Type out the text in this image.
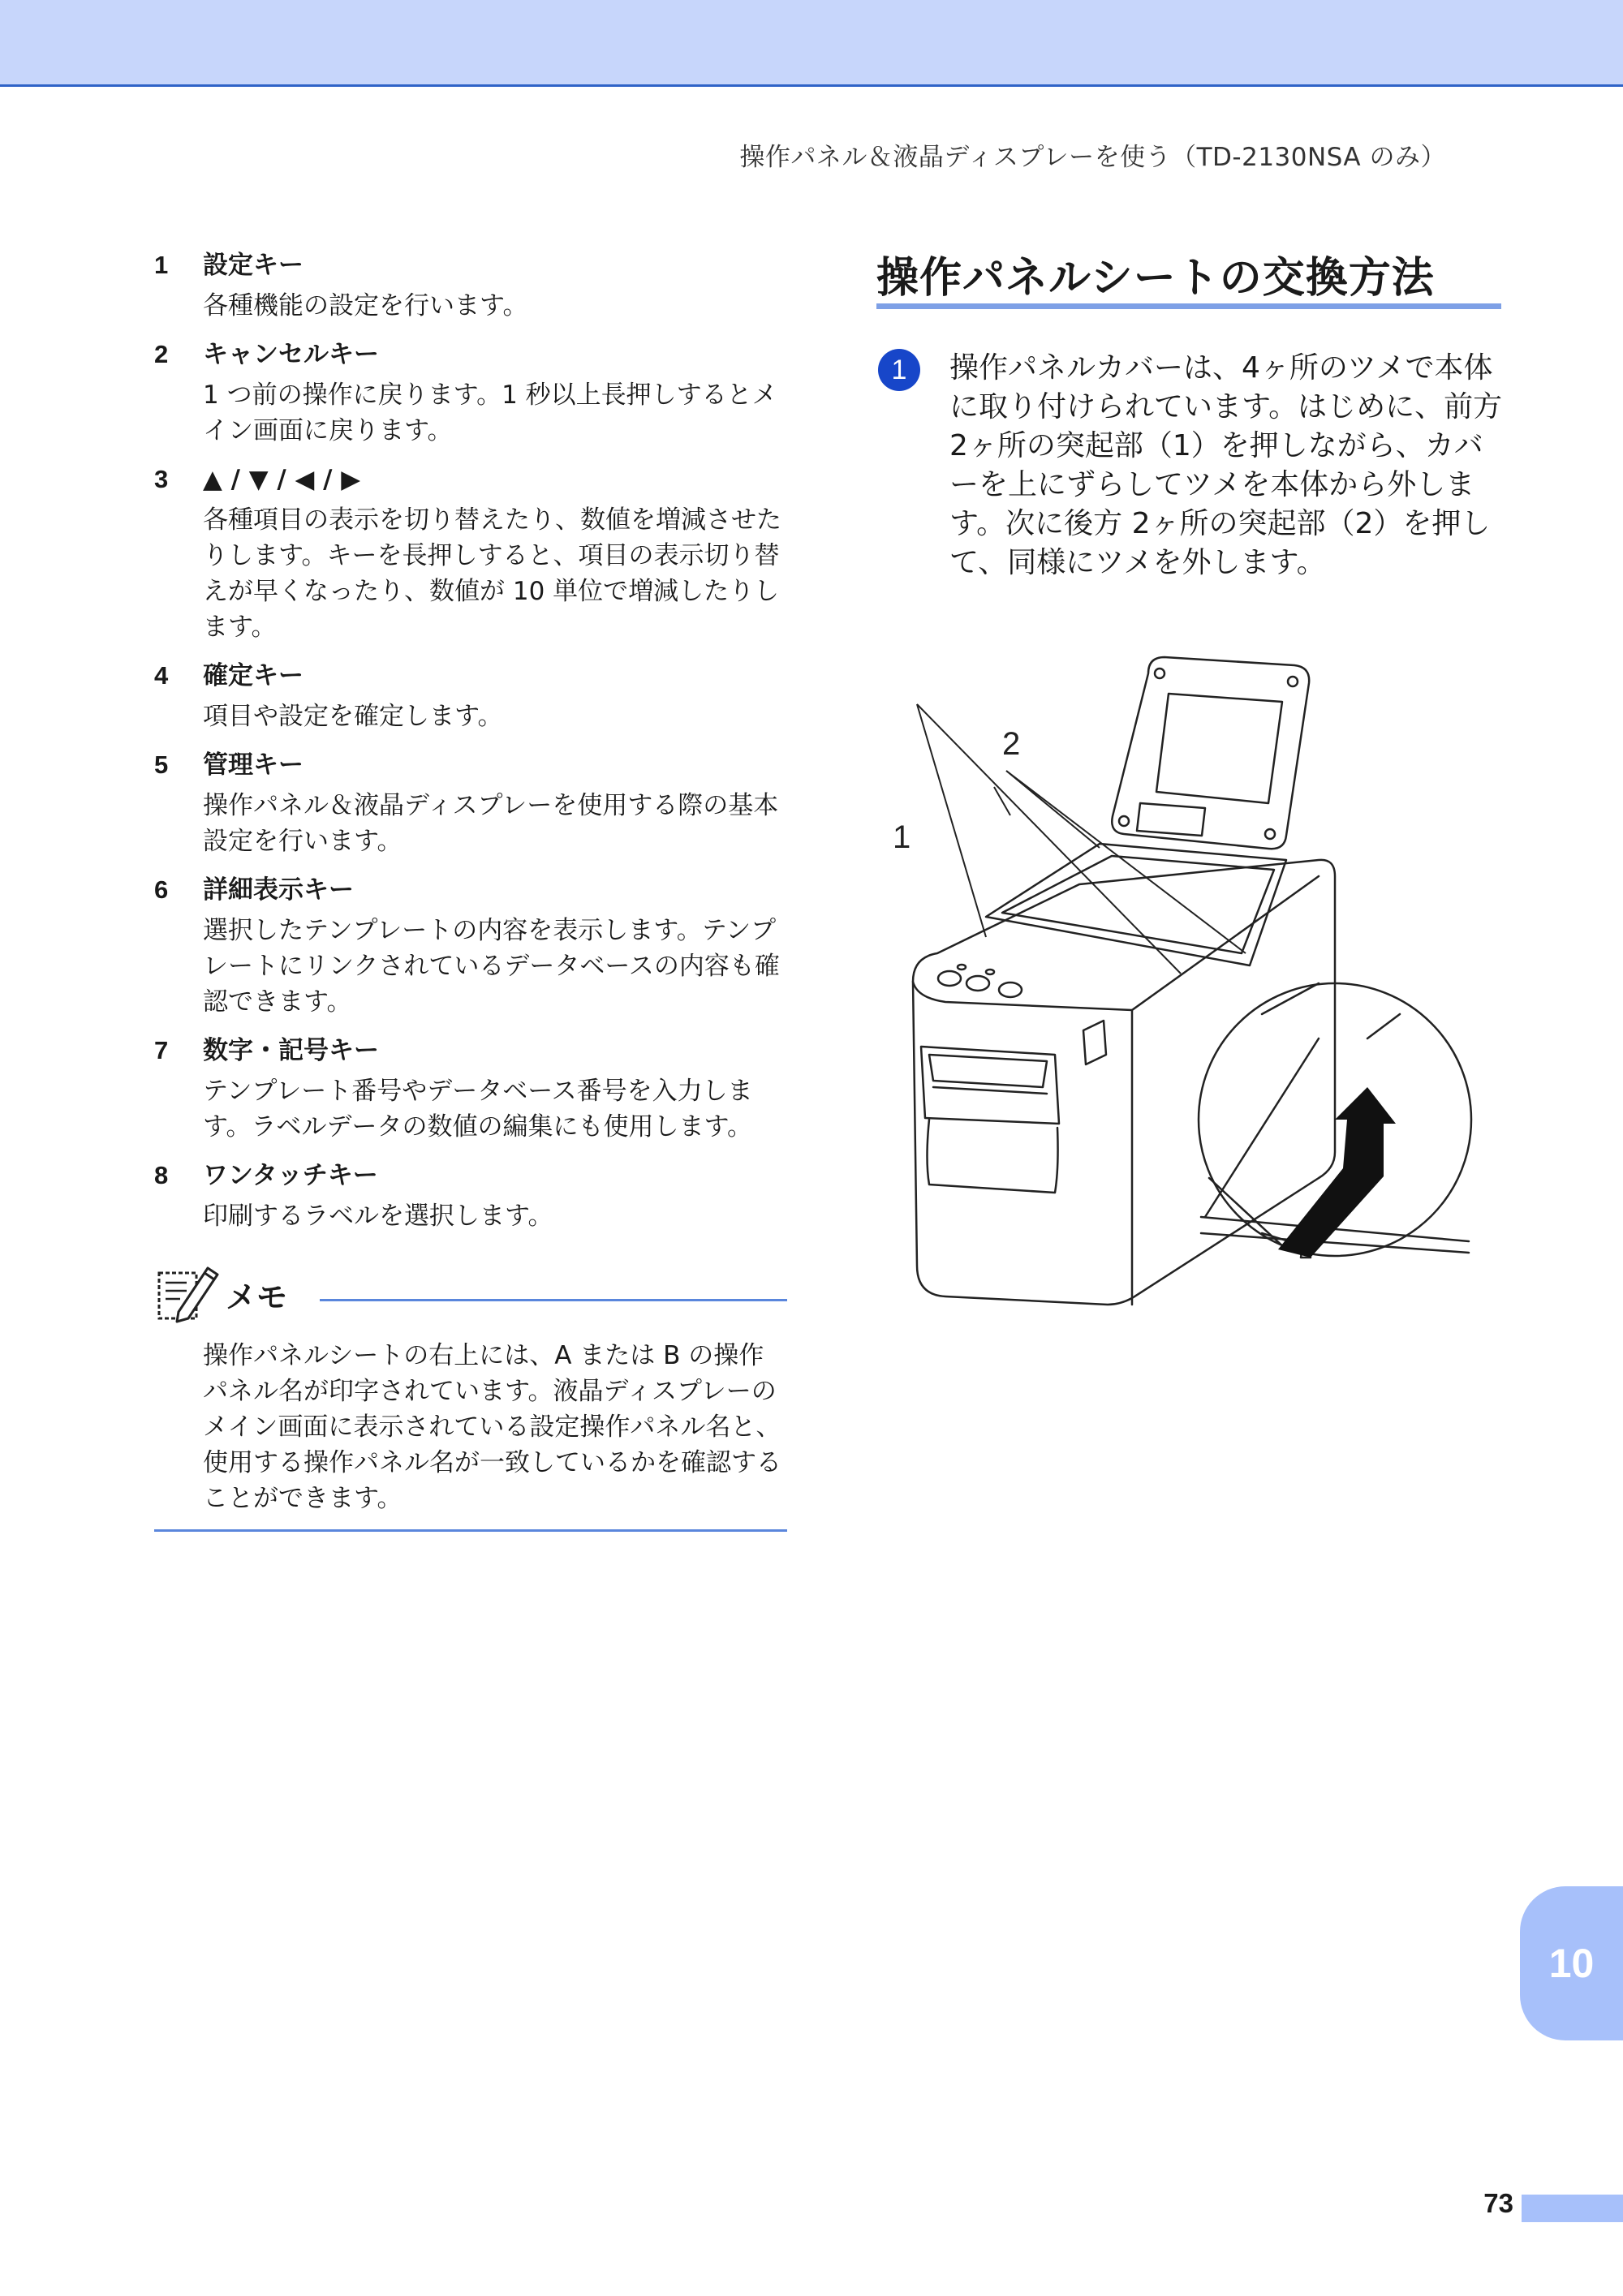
操作パネル＆液晶ディスプレーを使う（TD-2130NSA のみ）
1	設定キー
各種機能の設定を行います。
2	キャンセルキー
1 つ前の操作に戻ります。1 秒以上長押しするとメイン画面に戻ります。
3	▲ / ▼ / ◀ / ▶
各種項目の表示を切り替えたり、数値を増減させたりします。キーを長押しすると、項目の表示切り替えが早くなったり、数値が 10 単位で増減したりします。
4	確定キー
項目や設定を確定します。
5	管理キー
操作パネル＆液晶ディスプレーを使用する際の基本設定を行います。
6	詳細表示キー
選択したテンプレートの内容を表示します。テンプレートにリンクされているデータベースの内容も確認できます。
7	数字・記号キー
テンプレート番号やデータベース番号を入力します。ラベルデータの数値の編集にも使用します。
8	ワンタッチキー
印刷するラベルを選択します。
メモ
操作パネルシートの右上には、A または B の操作パネル名が印字されています。液晶ディスプレーのメイン画面に表示されている設定操作パネル名と、使用する操作パネル名が一致しているかを確認することができます。
操作パネルシートの交換方法
1	操作パネルカバーは、4ヶ所のツメで本体に取り付けられています。はじめに、前方 2ヶ所の突起部（1）を押しながら、カバーを上にずらしてツメを本体から外します。次に後方 2ヶ所の突起部（2）を押して、同様にツメを外します。
1
2
10
73
